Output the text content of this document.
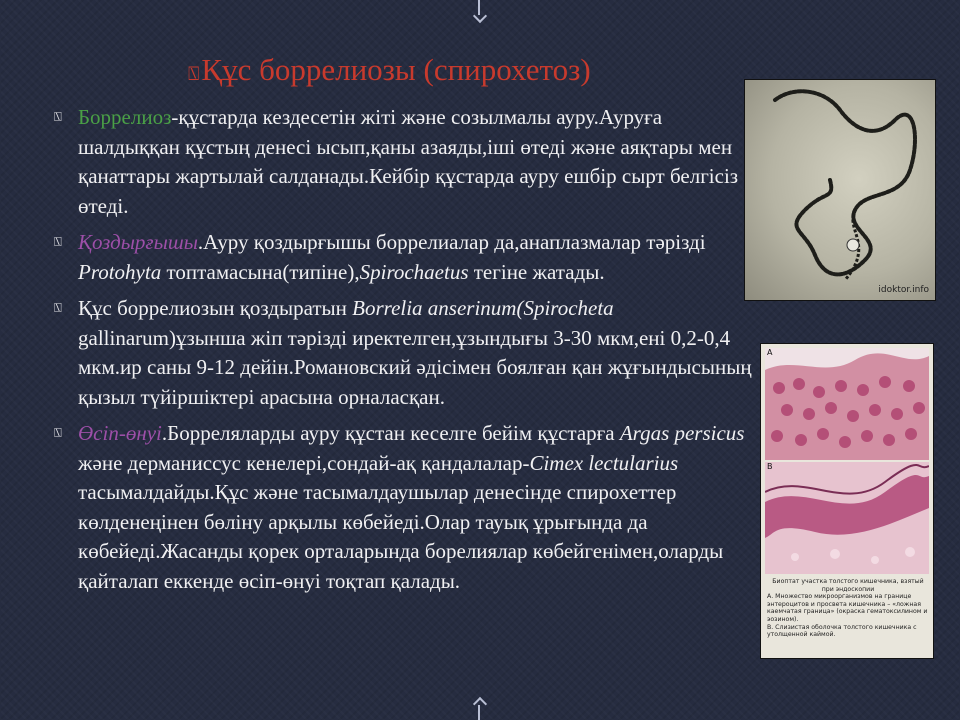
⍂Құс боррелиозы (спирохетоз)
⍂ Боррелиоз-құстарда кездесетін жіті және созылмалы ауру.Ауруға шалдыққан құстың денесі ысып,қаны азаяды,іші өтеді және аяқтары мен қанаттары жартылай салданады.Кейбір құстарда ауру ешбір сырт белгісіз өтеді.
⍂ Қоздырғышы.Ауру қоздырғышы боррелиалар да,анаплазмалар тәрізді Protohyta топтамасына(типіне),Spirochaetus тегіне жатады.
⍂ Құс боррелиозын қоздыратын Borrelia anserinum(Spirocheta gallinarum)ұзынша жіп тәрізді иректелген,ұзындығы 3-30 мкм,ені 0,2-0,4 мкм.ир саны 9-12 дейін.Романовский әдісімен боялған қан жұғындысының қызыл түйіршіктері арасына орналасқан.
⍂ Өсіп-өнуі.Борреляларды ауру құстан кеселге бейім құстарға Argas persicus және дерманиссус кенелері,сондай-ақ қандалалар-Cimex lectularius тасымалдайды.Құс және тасымалдаушылар денесінде спирохеттер көлденеңінен бөліну арқылы көбейеді.Олар тауық ұрығында да көбейеді.Жасанды қорек орталарында борелиялар көбейгенімен,оларды қайталап еккенде өсіп-өнуі тоқтап қалады.
idoktor.info
А
В
Биоптат участка толстого кишечника, взятый при эндоскопии
А. Множество микроорганизмов на границе энтероцитов и просвета кишечника – «ложная каемчатая граница» (окраска гематоксилином и эозином).
В. Слизистая оболочка толстого кишечника с утолщенной каймой.
